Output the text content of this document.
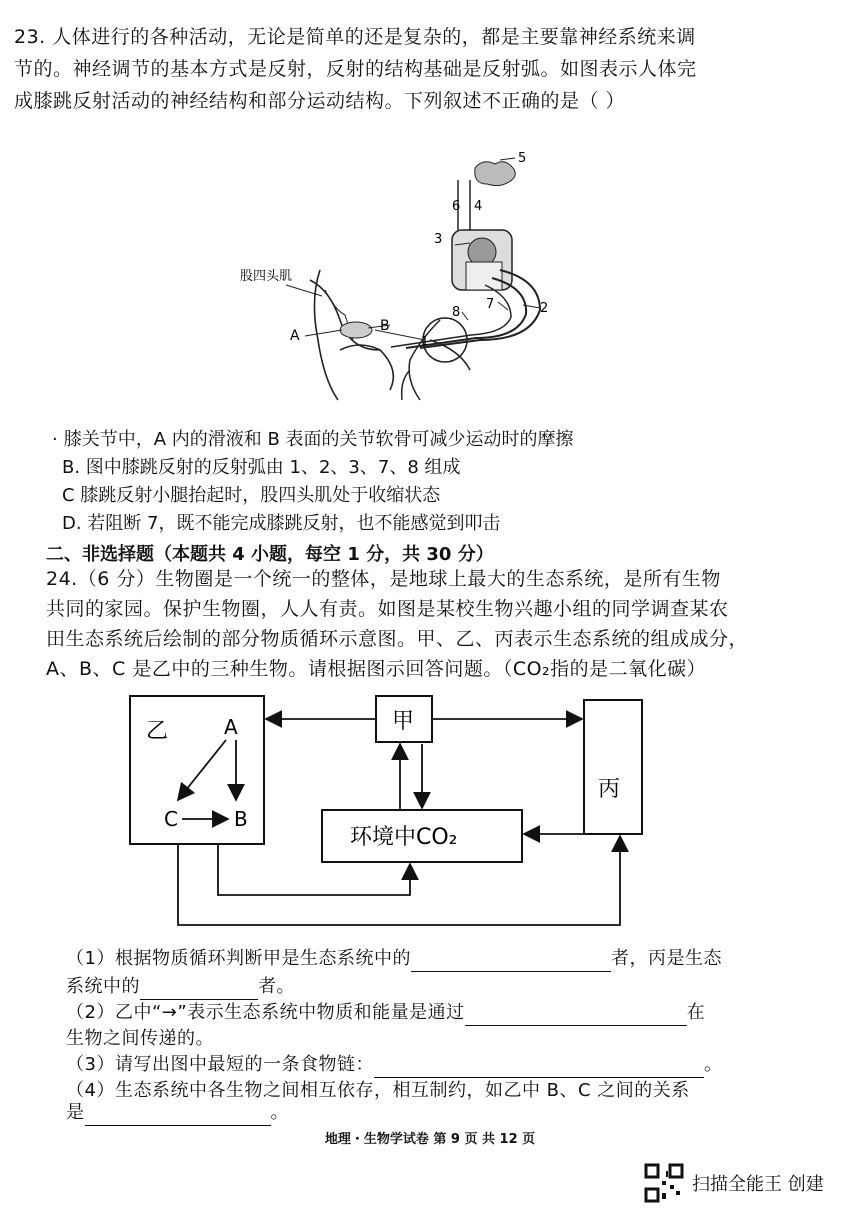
23. 人体进行的各种活动，无论是简单的还是复杂的，都是主要靠神经系统来调
节的。神经调节的基本方式是反射，反射的结构基础是反射弧。如图表示人体完
成膝跳反射活动的神经结构和部分运动结构。下列叙述不正确的是（ ）
股四头肌
A
B
3
6 4
5
2
7
8
1
· 膝关节中，A 内的滑液和 B 表面的关节软骨可减少运动时的摩擦
B. 图中膝跳反射的反射弧由 1、2、3、7、8 组成
C 膝跳反射小腿抬起时，股四头肌处于收缩状态
D. 若阻断 7，既不能完成膝跳反射，也不能感觉到叩击
二、非选择题（本题共 4 小题，每空 1 分，共 30 分）
24.（6 分）生物圈是一个统一的整体，是地球上最大的生态系统，是所有生物
共同的家园。保护生物圈，人人有责。如图是某校生物兴趣小组的同学调查某农
田生态系统后绘制的部分物质循环示意图。甲、乙、丙表示生态系统的组成成分，
A、B、C 是乙中的三种生物。请根据图示回答问题。（CO₂指的是二氧化碳）
乙	A
C	B
甲
丙
环境中CO₂
（1）根据物质循环判断甲是生态系统中的	者，丙是生态
系统中的	者。
（2）乙中“→”表示生态系统中物质和能量是通过	在
生物之间传递的。
（3）请写出图中最短的一条食物链：	。
（4）生态系统中各生物之间相互依存，相互制约，如乙中 B、C 之间的关系
是	。
地理・生物学试卷 第 9 页 共 12 页
扫描全能王 创建
